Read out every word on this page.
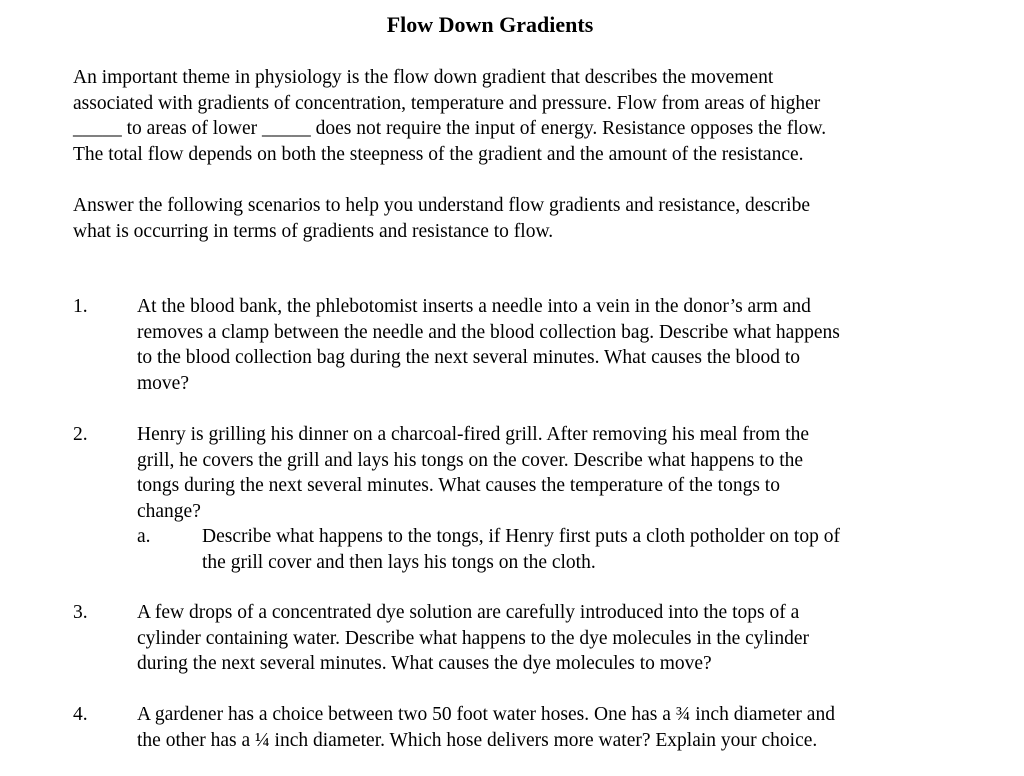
Flow Down Gradients
An important theme in physiology is the flow down gradient that describes the movement
associated with gradients of concentration, temperature and pressure. Flow from areas of higher
_____ to areas of lower _____ does not require the input of energy. Resistance opposes the flow.
The total flow depends on both the steepness of the gradient and the amount of the resistance.
Answer the following scenarios to help you understand flow gradients and resistance, describe
what is occurring in terms of gradients and resistance to flow.
1.	At the blood bank, the phlebotomist inserts a needle into a vein in the donor’s arm and
removes a clamp between the needle and the blood collection bag. Describe what happens
to the blood collection bag during the next several minutes. What causes the blood to
move?
2.	Henry is grilling his dinner on a charcoal-fired grill. After removing his meal from the
grill, he covers the grill and lays his tongs on the cover. Describe what happens to the
tongs during the next several minutes. What causes the temperature of the tongs to
change?
a.	Describe what happens to the tongs, if Henry first puts a cloth potholder on top of
the grill cover and then lays his tongs on the cloth.
3.	A few drops of a concentrated dye solution are carefully introduced into the tops of a
cylinder containing water. Describe what happens to the dye molecules in the cylinder
during the next several minutes. What causes the dye molecules to move?
4.	A gardener has a choice between two 50 foot water hoses. One has a ¾ inch diameter and
the other has a ¼ inch diameter. Which hose delivers more water? Explain your choice.
